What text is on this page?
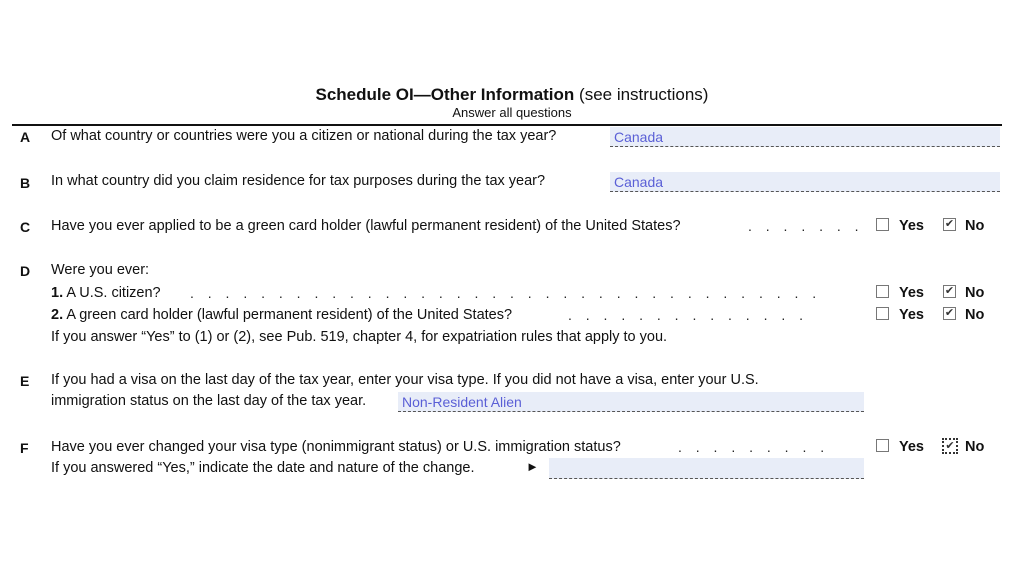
Schedule OI—Other Information (see instructions)
Answer all questions
A Of what country or countries were you a citizen or national during the tax year?	Canada
B In what country did you claim residence for tax purposes during the tax year?	Canada
C Have you ever applied to be a green card holder (lawful permanent resident) of the United States?	. . . . . . . Yes ✔ No
D Were you ever:
1. A U.S. citizen? . . . . . . . . . . . . . . . . . . . . . . . . . . . . . . . . . . . .	Yes ✔ No
2. A green card holder (lawful permanent resident) of the United States?	. . . . . . . . . . . . . .	Yes ✔ No
If you answer “Yes” to (1) or (2), see Pub. 519, chapter 4, for expatriation rules that apply to you.
E If you had a visa on the last day of the tax year, enter your visa type. If you did not have a visa, enter your U.S.
immigration status on the last day of the tax year.	Non-Resident Alien
F Have you ever changed your visa type (nonimmigrant status) or U.S. immigration status?	. . . . . . . . .	Yes	✔ No
If you answered “Yes,” indicate the date and nature of the change.	►
